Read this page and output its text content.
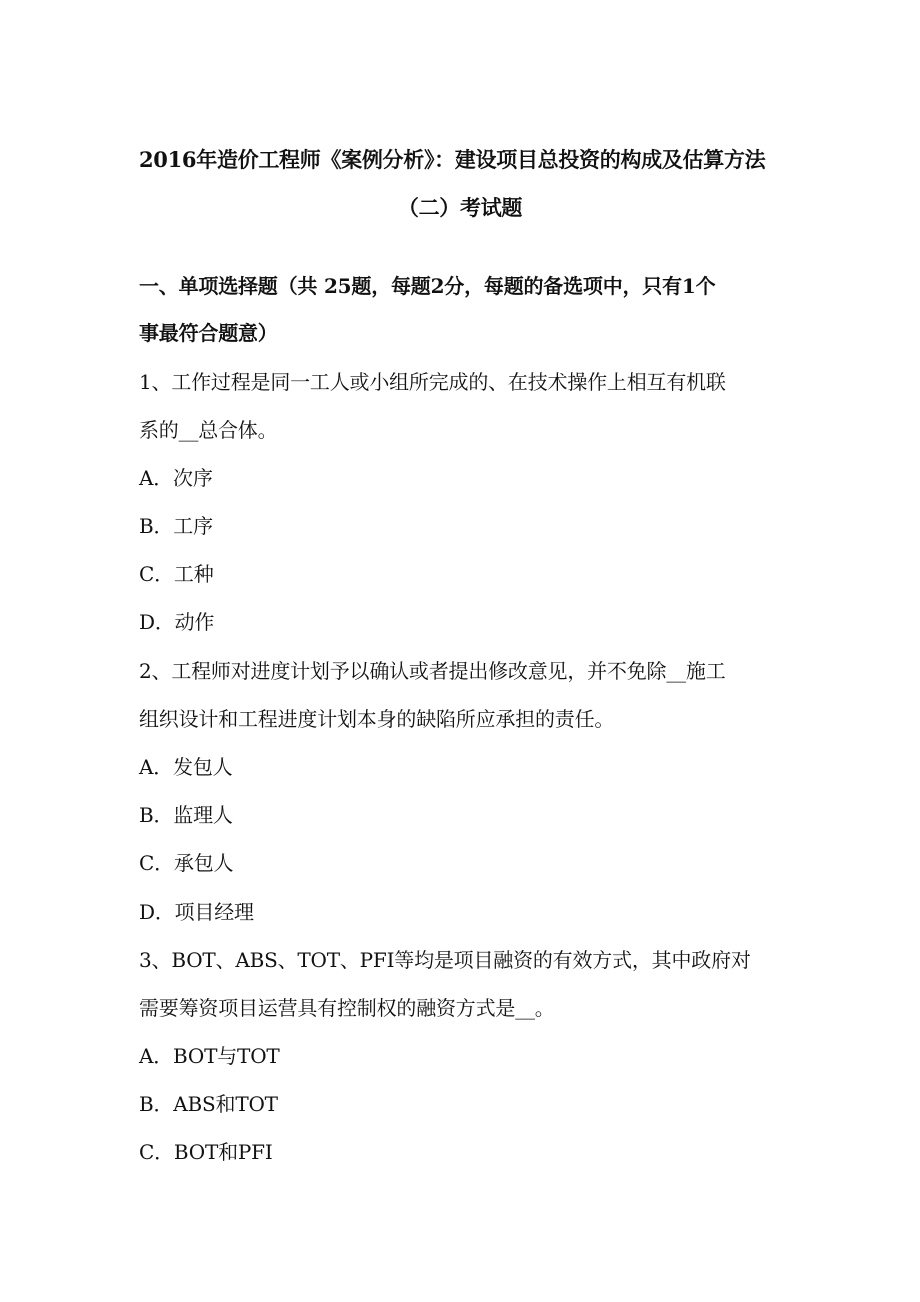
2016年造价工程师《案例分析》：建设项目总投资的构成及估算方法
（二）考试题
一、单项选择题（共 25题，每题2分，每题的备选项中，只有1个
事最符合题意）
1、工作过程是同一工人或小组所完成的、在技术操作上相互有机联
系的__总合体。
A．次序
B．工序
C．工种
D．动作
2、工程师对进度计划予以确认或者提出修改意见，并不免除__施工
组织设计和工程进度计划本身的缺陷所应承担的责任。
A．发包人
B．监理人
C．承包人
D．项目经理
3、BOT、ABS、TOT、PFI等均是项目融资的有效方式，其中政府对
需要筹资项目运营具有控制权的融资方式是__。
A．BOT与TOT
B．ABS和TOT
C．BOT和PFI
